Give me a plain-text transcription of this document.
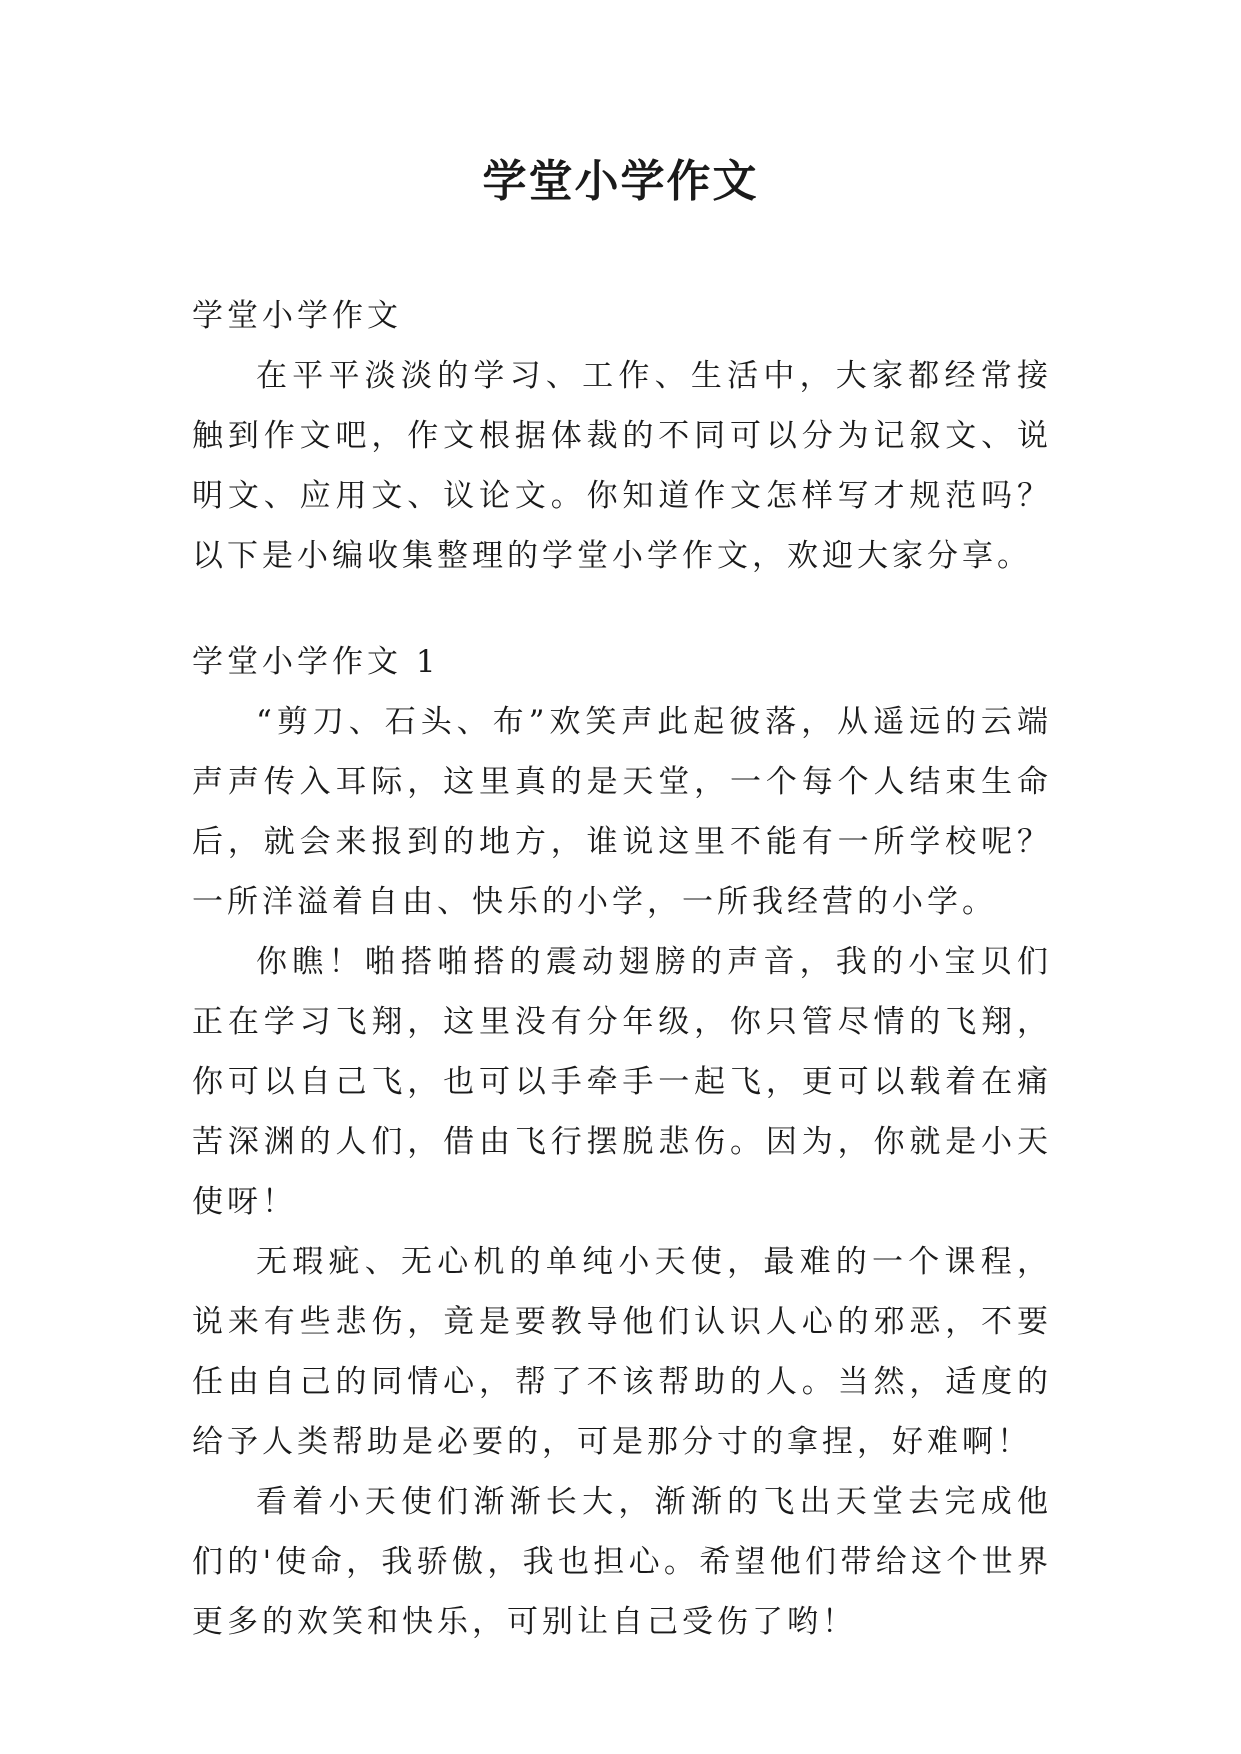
学堂小学作文

学堂小学作文

在平平淡淡的学习、工作、生活中，大家都经常接触到作文吧，作文根据体裁的不同可以分为记叙文、说明文、应用文、议论文。你知道作文怎样写才规范吗？以下是小编收集整理的学堂小学作文，欢迎大家分享。

学堂小学作文 1

“剪刀、石头、布”欢笑声此起彼落，从遥远的云端声声传入耳际，这里真的是天堂，一个每个人结束生命后，就会来报到的地方，谁说这里不能有一所学校呢？一所洋溢着自由、快乐的小学，一所我经营的小学。

你瞧！啪搭啪搭的震动翅膀的声音，我的小宝贝们正在学习飞翔，这里没有分年级，你只管尽情的飞翔，你可以自己飞，也可以手牵手一起飞，更可以载着在痛苦深渊的人们，借由飞行摆脱悲伤。因为，你就是小天使呀！

无瑕疵、无心机的单纯小天使，最难的一个课程，说来有些悲伤，竟是要教导他们认识人心的邪恶，不要任由自己的同情心，帮了不该帮助的人。当然，适度的给予人类帮助是必要的，可是那分寸的拿捏，好难啊！

看着小天使们渐渐长大，渐渐的飞出天堂去完成他们的'使命，我骄傲，我也担心。希望他们带给这个世界更多的欢笑和快乐，可别让自己受伤了哟！
